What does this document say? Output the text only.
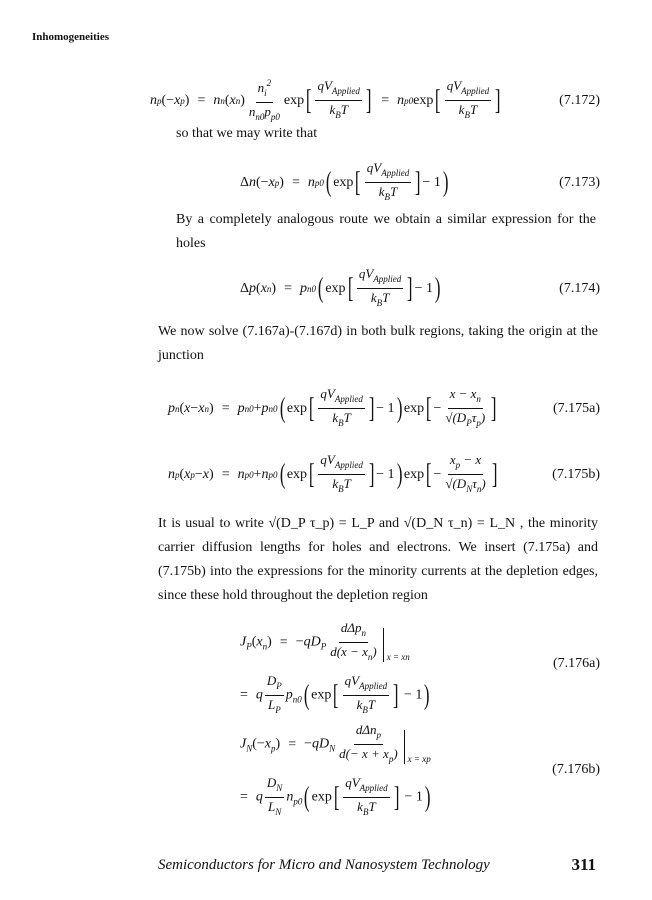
Inhomogeneities
n p (− x p ) = n n ( x n ) $\frac{n_i^2}{n_{n0}p_{p0}}$ exp [ $\frac{qV_{Applied}}{k_BT}$ ] = n p0 exp [ $\frac{qV_{Applied}}{k_BT}$ ]	(7.172)
so that we may write that
Δ n (− x p ) = n p0 ( exp [ $\frac{qV_{Applied}}{k_BT}$ ] − 1 )	(7.173)
By a completely analogous route we obtain a similar expression for the holes
Δ p ( x n ) = p n0 ( exp [ $\frac{qV_{Applied}}{k_BT}$ ] − 1 )	(7.174)
We now solve (7.167a)-(7.167d) in both bulk regions, taking the origin at the junction
p n ( x − x n ) = p n0 + p n0 ( exp [ $\frac{qV_{Applied}}{k_BT}$ ] − 1 ) exp [ − $\frac{x - x_n}{√(D_P\tau_p)}$ ]	(7.175a)
n p ( x p − x ) = n p0 + n p0 ( exp [ $\frac{qV_{Applied}}{k_BT}$ ] − 1 ) exp [ − $\frac{x_p - x}{√(D_N\tau_n)}$ ]	(7.175b)
It is usual to write √(D_P τ_p) = L_P and √(D_N τ_n) = L_N , the minority carrier diffusion lengths for holes and electrons. We insert (7.175a) and (7.175b) into the expressions for the minority currents at the depletion edges, since these hold throughout the depletion region
$J_P(x_n) = -qD_P \frac{d\Delta p_n}{d(x - x_n)}$ x = x n
= q $\frac{D_P}{L_P} p_{n0}$( $\exp[ \frac{qV_{Applied}}{k_BT}$ ] − 1)
(7.176a)
$J_N(-x_p) = -qD_N \frac{d\Delta n_p}{d(- x + x_p)}$ x = x p
= q $\frac{D_N}{L_N} n_{p0}$( $\exp[ \frac{qV_{Applied}}{k_BT}$ ] − 1)
(7.176b)
Semiconductors for Micro and Nanosystem Technology	311
